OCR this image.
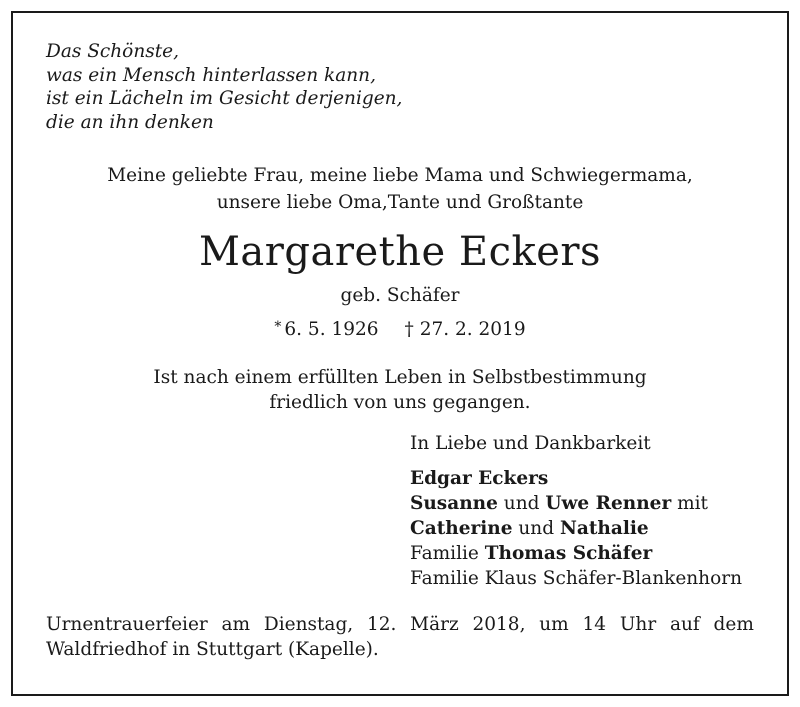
Das Schönste,
was ein Mensch hinterlassen kann,
ist ein Lächeln im Gesicht derjenigen,
die an ihn denken
Meine geliebte Frau, meine liebe Mama und Schwiegermama,
unsere liebe Oma,Tante und Großtante
Margarethe Eckers
geb. Schäfer
* 6. 5. 1926 † 27. 2. 2019
Ist nach einem erfüllten Leben in Selbstbestimmung
friedlich von uns gegangen.
In Liebe und Dankbarkeit
Edgar Eckers
Susanne und Uwe Renner mit
Catherine und Nathalie
Familie Thomas Schäfer
Familie Klaus Schäfer-Blankenhorn
Urnentrauerfeier am Dienstag, 12. März 2018, um 14 Uhr auf dem
Waldfriedhof in Stuttgart (Kapelle).
